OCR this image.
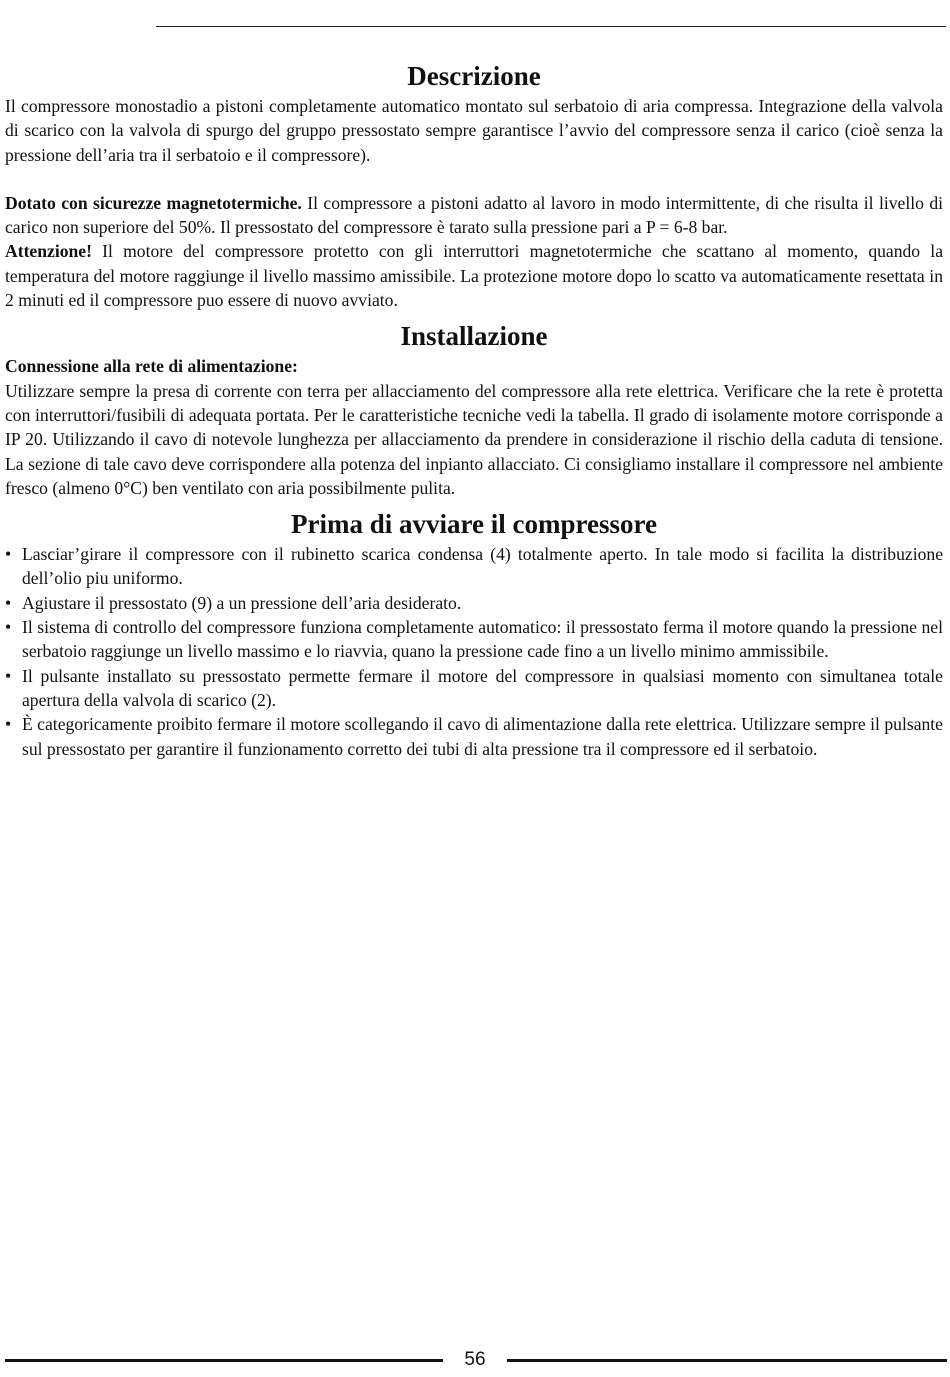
Descrizione

Il compressore monostadio a pistoni completamente automatico montato sul serbatoio di aria compressa. Integrazione della valvola di scarico con la valvola di spurgo del gruppo pressostato sempre garantisce l’avvio del compressore senza il carico (cioè senza la pressione dell’aria tra il serbatoio e il compressore).

Dotato con sicurezze magnetotermiche. Il compressore a pistoni adatto al lavoro in modo intermittente, di che risulta il livello di carico non superiore del 50%. Il pressostato del compressore è tarato sulla pressione pari a P = 6-8 bar.

Attenzione! Il motore del compressore protetto con gli interruttori magnetotermiche che scattano al momento, quando la temperatura del motore raggiunge il livello massimo amissibile. La protezione motore dopo lo scatto va automaticamente resettata in 2 minuti ed il compressore puo essere di nuovo avviato.

Installazione

Connessione alla rete di alimentazione:

Utilizzare sempre la presa di corrente con terra per allacciamento del compressore alla rete elettrica. Verificare che la rete è protetta con interruttori/fusibili di adequata portata. Per le caratteristiche tecniche vedi la tabella. Il grado di isolamente motore corrisponde a IP 20. Utilizzando il cavo di notevole lunghezza per allacciamento da prendere in considerazione il rischio della caduta di tensione. La sezione di tale cavo deve corrispondere alla potenza del inpianto allacciato. Ci consigliamo installare il compressore nel ambiente fresco (almeno 0°C) ben ventilato con aria possibilmente pulita.

Prima di avviare il compressore
• Lasciar’girare il compressore con il rubinetto scarica condensa (4) totalmente aperto. In tale modo si facilita la distribuzione dell’olio piu uniformo.
• Agiustare il pressostato (9) a un pressione dell’aria desiderato.
• Il sistema di controllo del compressore funziona completamente automatico: il pressostato ferma il motore quando la pressione nel serbatoio raggiunge un livello massimo e lo riavvia, quano la pressione cade fino a un livello minimo ammissibile.
• Il pulsante installato su pressostato permette fermare il motore del compressore in qualsiasi momento con simultanea totale apertura della valvola di scarico (2).
• È categoricamente proibito fermare il motore scollegando il cavo di alimentazione dalla rete elettrica. Utilizzare sempre il pulsante sul pressostato per garantire il funzionamento corretto dei tubi di alta pressione tra il compressore ed il serbatoio.
56
